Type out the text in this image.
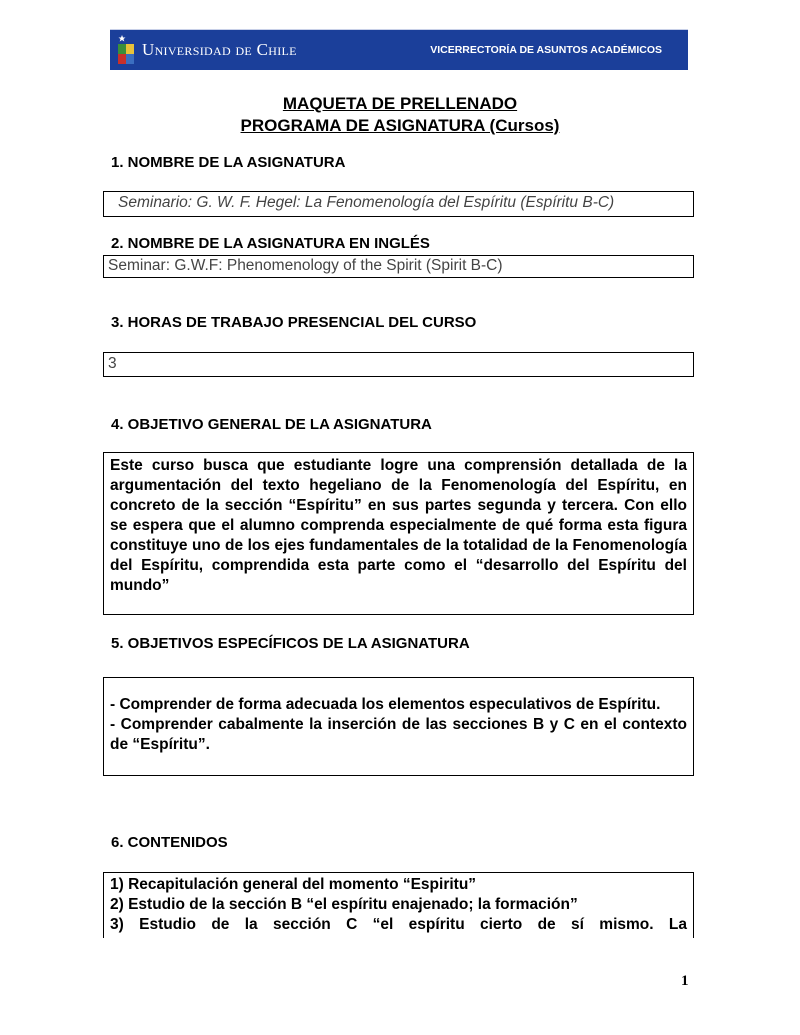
Universidad de Chile	VICERRECTORÍA DE ASUNTOS ACADÉMICOS
MAQUETA DE PRELLENADO
PROGRAMA DE ASIGNATURA (Cursos)
1. NOMBRE DE LA ASIGNATURA
Seminario: G. W. F. Hegel: La Fenomenología del Espíritu (Espíritu B-C)
2. NOMBRE DE LA ASIGNATURA EN INGLÉS
Seminar: G.W.F: Phenomenology of the Spirit (Spirit B-C)
3. HORAS DE TRABAJO PRESENCIAL DEL CURSO
3
4. OBJETIVO GENERAL DE LA ASIGNATURA
Este curso busca que estudiante logre una comprensión detallada de la argumentación del texto hegeliano de la Fenomenología del Espíritu, en concreto de la sección “Espíritu” en sus partes segunda y tercera. Con ello se espera que el alumno comprenda especialmente de qué forma esta figura constituye uno de los ejes fundamentales de la totalidad de la Fenomenología del Espíritu, comprendida esta parte como el “desarrollo del Espíritu del mundo”
5. OBJETIVOS ESPECÍFICOS DE LA ASIGNATURA

- Comprender de forma adecuada los elementos especulativos de Espíritu.

- Comprender cabalmente la inserción de las secciones B y C en el contexto de “Espíritu”.

6. CONTENIDOS

1) Recapitulación general del momento “Espiritu”

2) Estudio de la sección B “el espíritu enajenado; la formación”

3) Estudio de la sección C “el espíritu cierto de sí mismo. La

1
